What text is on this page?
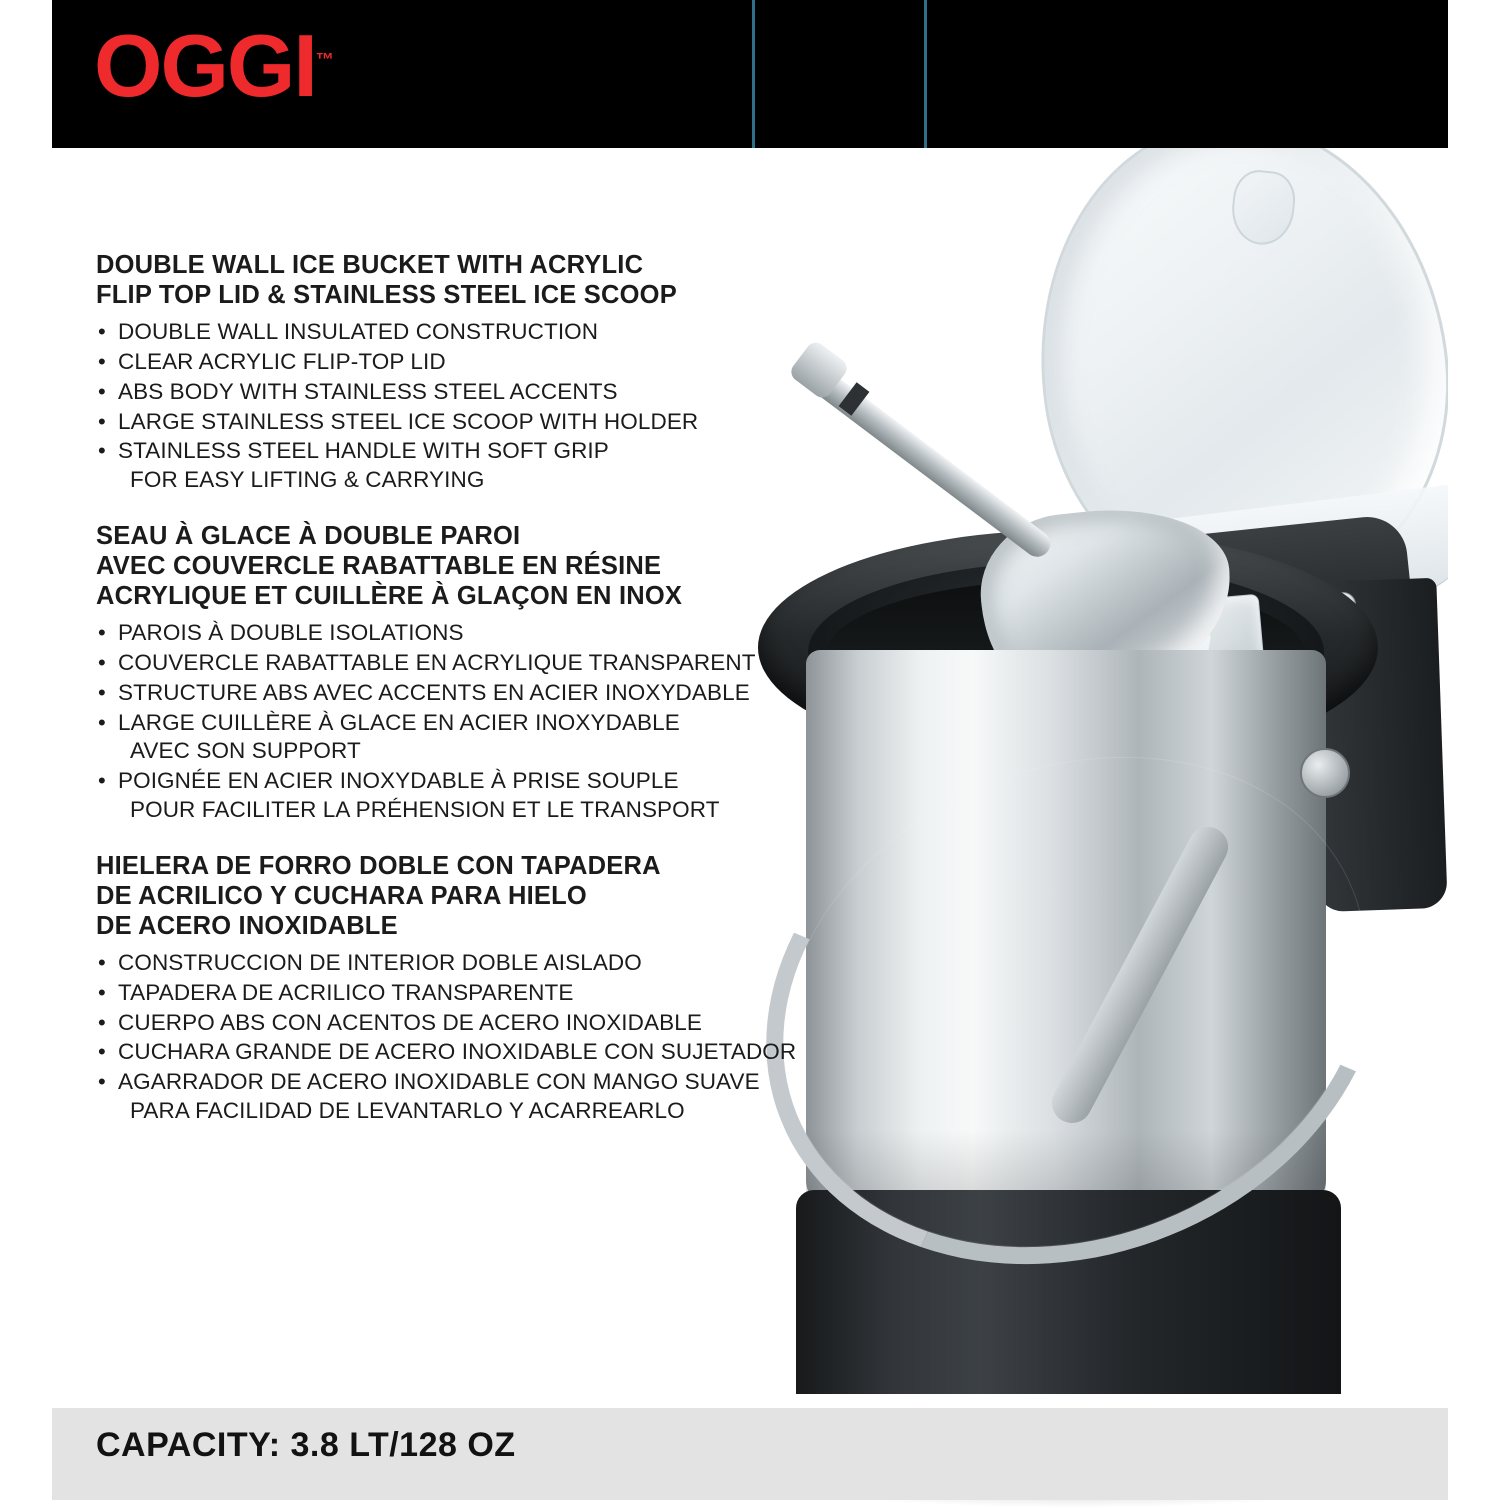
OGGI™
DOUBLE WALL ICE BUCKET WITH ACRYLIC
FLIP TOP LID & STAINLESS STEEL ICE SCOOP
• DOUBLE WALL INSULATED CONSTRUCTION
• CLEAR ACRYLIC FLIP-TOP LID
• ABS BODY WITH STAINLESS STEEL ACCENTS
• LARGE STAINLESS STEEL ICE SCOOP WITH HOLDER
• STAINLESS STEEL HANDLE WITH SOFT GRIP
FOR EASY LIFTING & CARRYING
SEAU À GLACE À DOUBLE PAROI
AVEC COUVERCLE RABATTABLE EN RÉSINE
ACRYLIQUE ET CUILLÈRE À GLAÇON EN INOX
• PAROIS À DOUBLE ISOLATIONS
• COUVERCLE RABATTABLE EN ACRYLIQUE TRANSPARENT
• STRUCTURE ABS AVEC ACCENTS EN ACIER INOXYDABLE
• LARGE CUILLÈRE À GLACE EN ACIER INOXYDABLE
AVEC SON SUPPORT
• POIGNÉE EN ACIER INOXYDABLE À PRISE SOUPLE
POUR FACILITER LA PRÉHENSION ET LE TRANSPORT
HIELERA DE FORRO DOBLE CON TAPADERA
DE ACRILICO Y CUCHARA PARA HIELO
DE ACERO INOXIDABLE
• CONSTRUCCION DE INTERIOR DOBLE AISLADO
• TAPADERA DE ACRILICO TRANSPARENTE
• CUERPO ABS CON ACENTOS DE ACERO INOXIDABLE
• CUCHARA GRANDE DE ACERO INOXIDABLE CON SUJETADOR
• AGARRADOR DE ACERO INOXIDABLE CON MANGO SUAVE
PARA FACILIDAD DE LEVANTARLO Y ACARREARLO
CAPACITY: 3.8 LT/128 OZ
